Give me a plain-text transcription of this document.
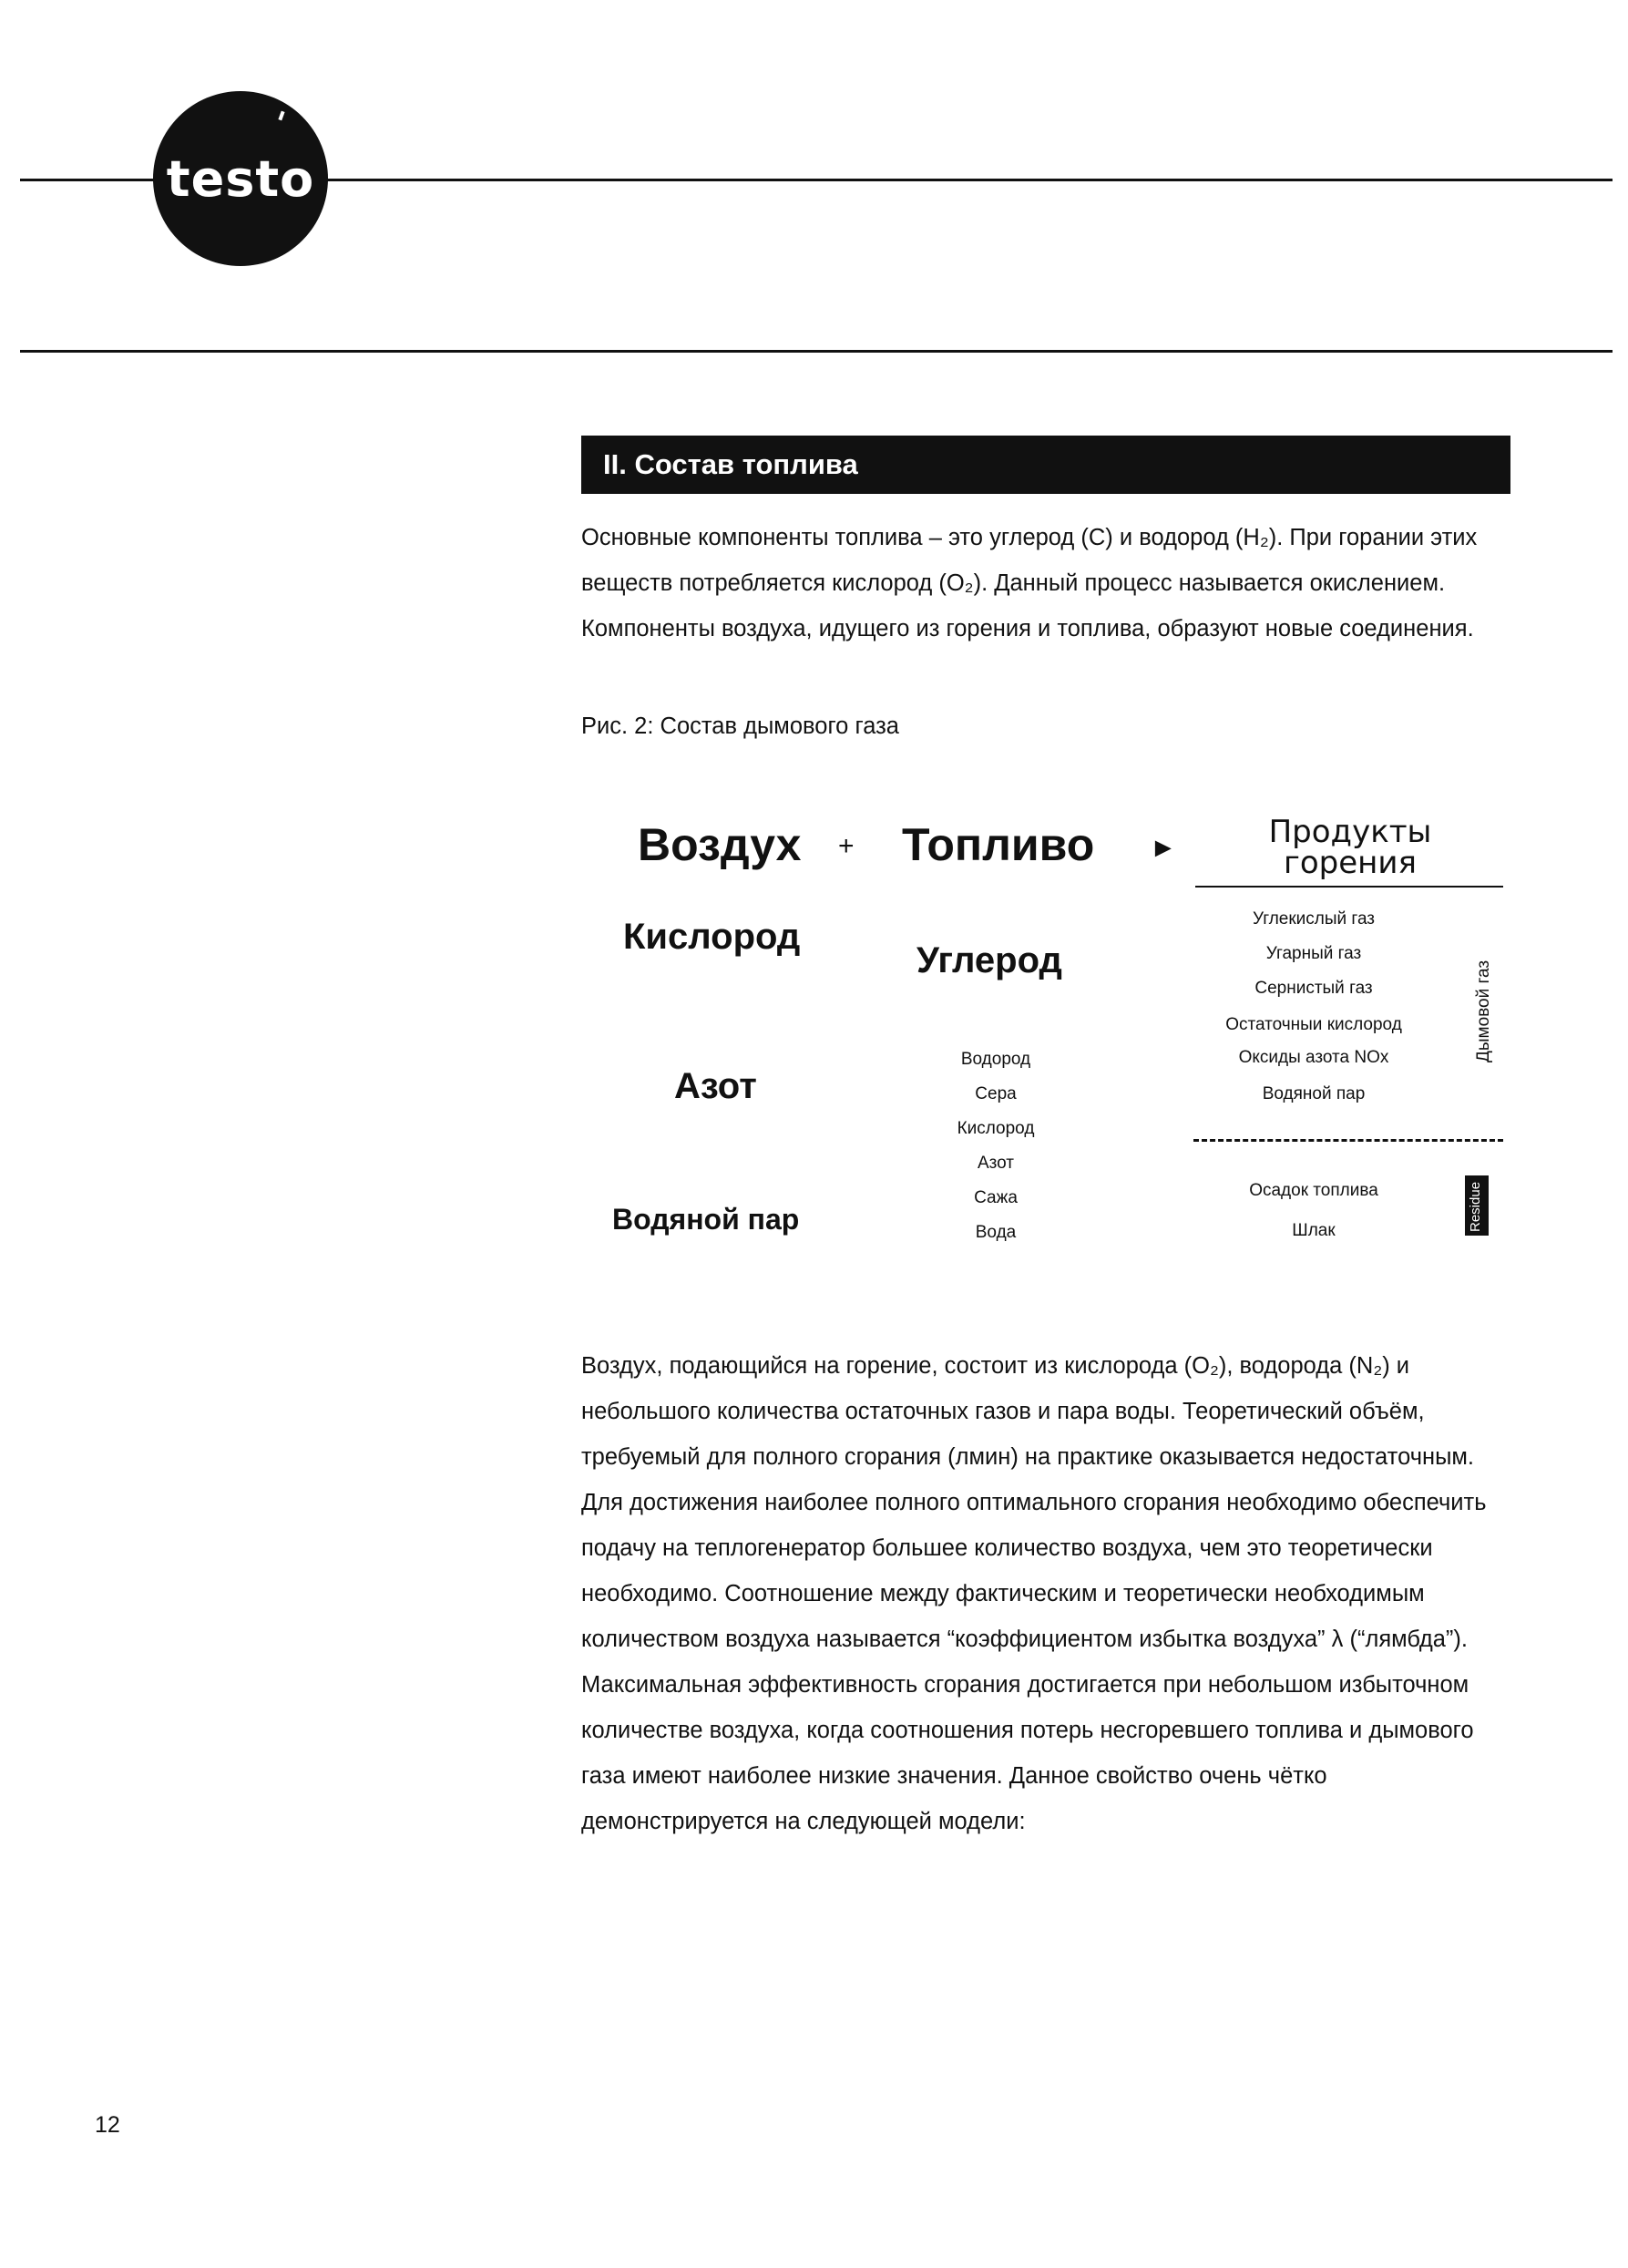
testo
II. Состав топлива

Основные компоненты топлива – это углерод (С) и водород (Н₂). При горании этих веществ потребляется кислород (O₂). Данный процесс называется окислением. Компоненты воздуха, идущего из горения и топлива, образуют новые соединения.

Рис. 2: Состав дымового газа
Воздух + Топливо ►	Продукты
горения
Кислород
Азот
Водяной пар
Углерод
Водород
Сера
Кислород
Азот
Сажа
Вода
Углекислый газ
Угарный газ
Сернистый газ
Остаточныи кислород
Оксиды азота NOx
Водяной пар
Дымовой газ
Осадок топлива
Шлак	Residue

Воздух, подающийся на горение, состоит из кислорода (O₂), водорода (N₂) и небольшого количества остаточных газов и пара воды. Теоретический объём, требуемый для полного сгорания (лмин) на практике оказывается недостаточным. Для достижения наиболее полного оптимального сгорания необходимо обеспечить подачу на теплогенератор большее количество воздуха, чем это теоретически необходимо. Соотношение между фактическим и теоретически необходимым количеством воздуха называется “коэффициентом избытка воздуха” λ (“лямбда”). Максимальная эффективность сгорания достигается при небольшом избыточном количестве воздуха, когда соотношения потерь несгоревшего топлива и дымового газа имеют наиболее низкие значения. Данное свойство очень чётко демонстрируется на следующей модели:

12
